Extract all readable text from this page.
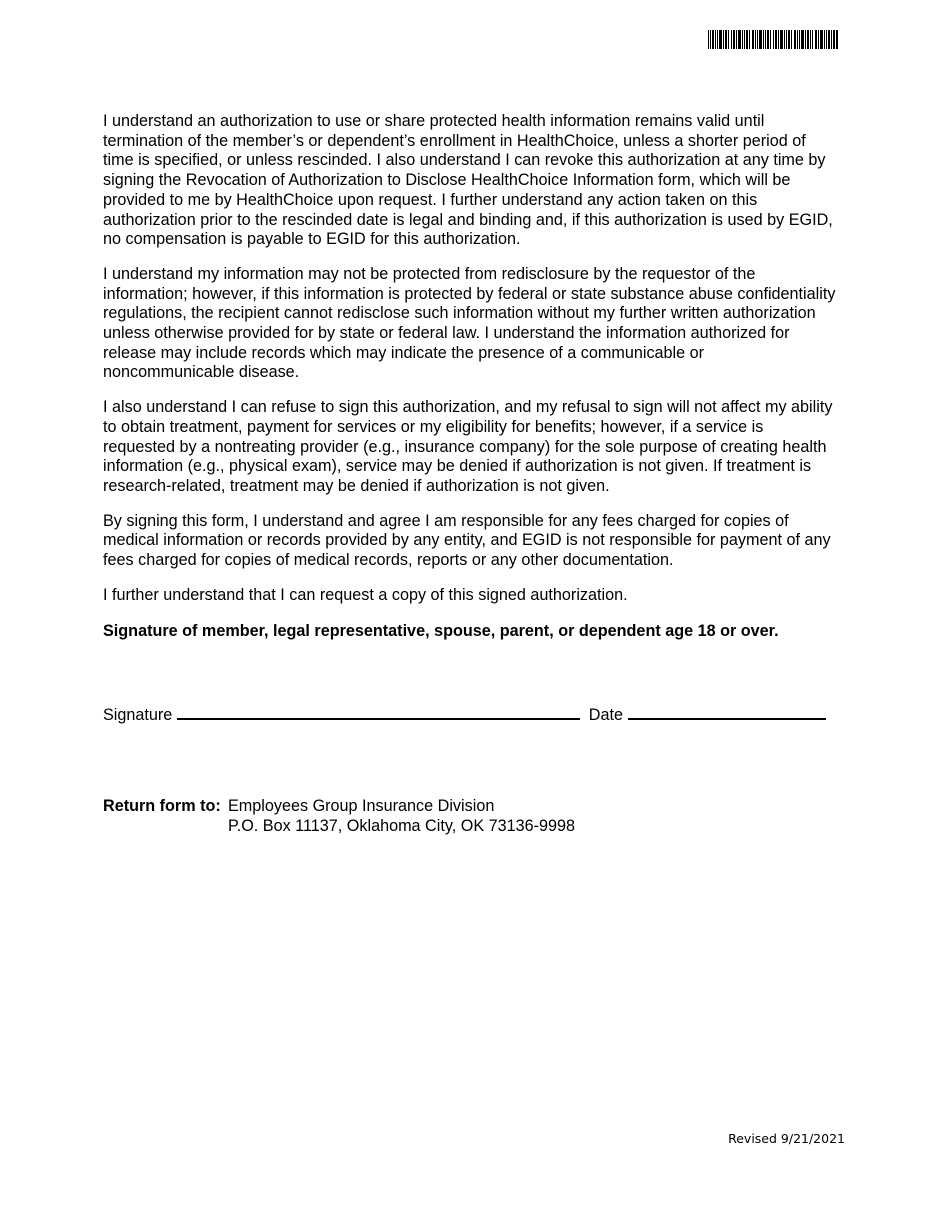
I understand an authorization to use or share protected health information remains valid until termination of the member’s or dependent’s enrollment in HealthChoice, unless a shorter period of time is specified, or unless rescinded. I also understand I can revoke this authorization at any time by signing the Revocation of Authorization to Disclose HealthChoice Information form, which will be provided to me by HealthChoice upon request. I further understand any action taken on this authorization prior to the rescinded date is legal and binding and, if this authorization is used by EGID, no compensation is payable to EGID for this authorization.

I understand my information may not be protected from redisclosure by the requestor of the information; however, if this information is protected by federal or state substance abuse confidentiality regulations, the recipient cannot redisclose such information without my further written authorization unless otherwise provided for by state or federal law. I understand the information authorized for release may include records which may indicate the presence of a communicable or noncommunicable disease.

I also understand I can refuse to sign this authorization, and my refusal to sign will not affect my ability to obtain treatment, payment for services or my eligibility for benefits; however, if a service is requested by a nontreating provider (e.g., insurance company) for the sole purpose of creating health information (e.g., physical exam), service may be denied if authorization is not given. If treatment is research-related, treatment may be denied if authorization is not given.

By signing this form, I understand and agree I am responsible for any fees charged for copies of medical information or records provided by any entity, and EGID is not responsible for payment of any fees charged for copies of medical records, reports or any other documentation.

I further understand that I can request a copy of this signed authorization.

Signature of member, legal representative, spouse, parent, or dependent age 18 or over.

Signature	Date
Return form to: Employees Group Insurance Division
P.O. Box 11137, Oklahoma City, OK 73136-9998
Revised 9/21/2021
